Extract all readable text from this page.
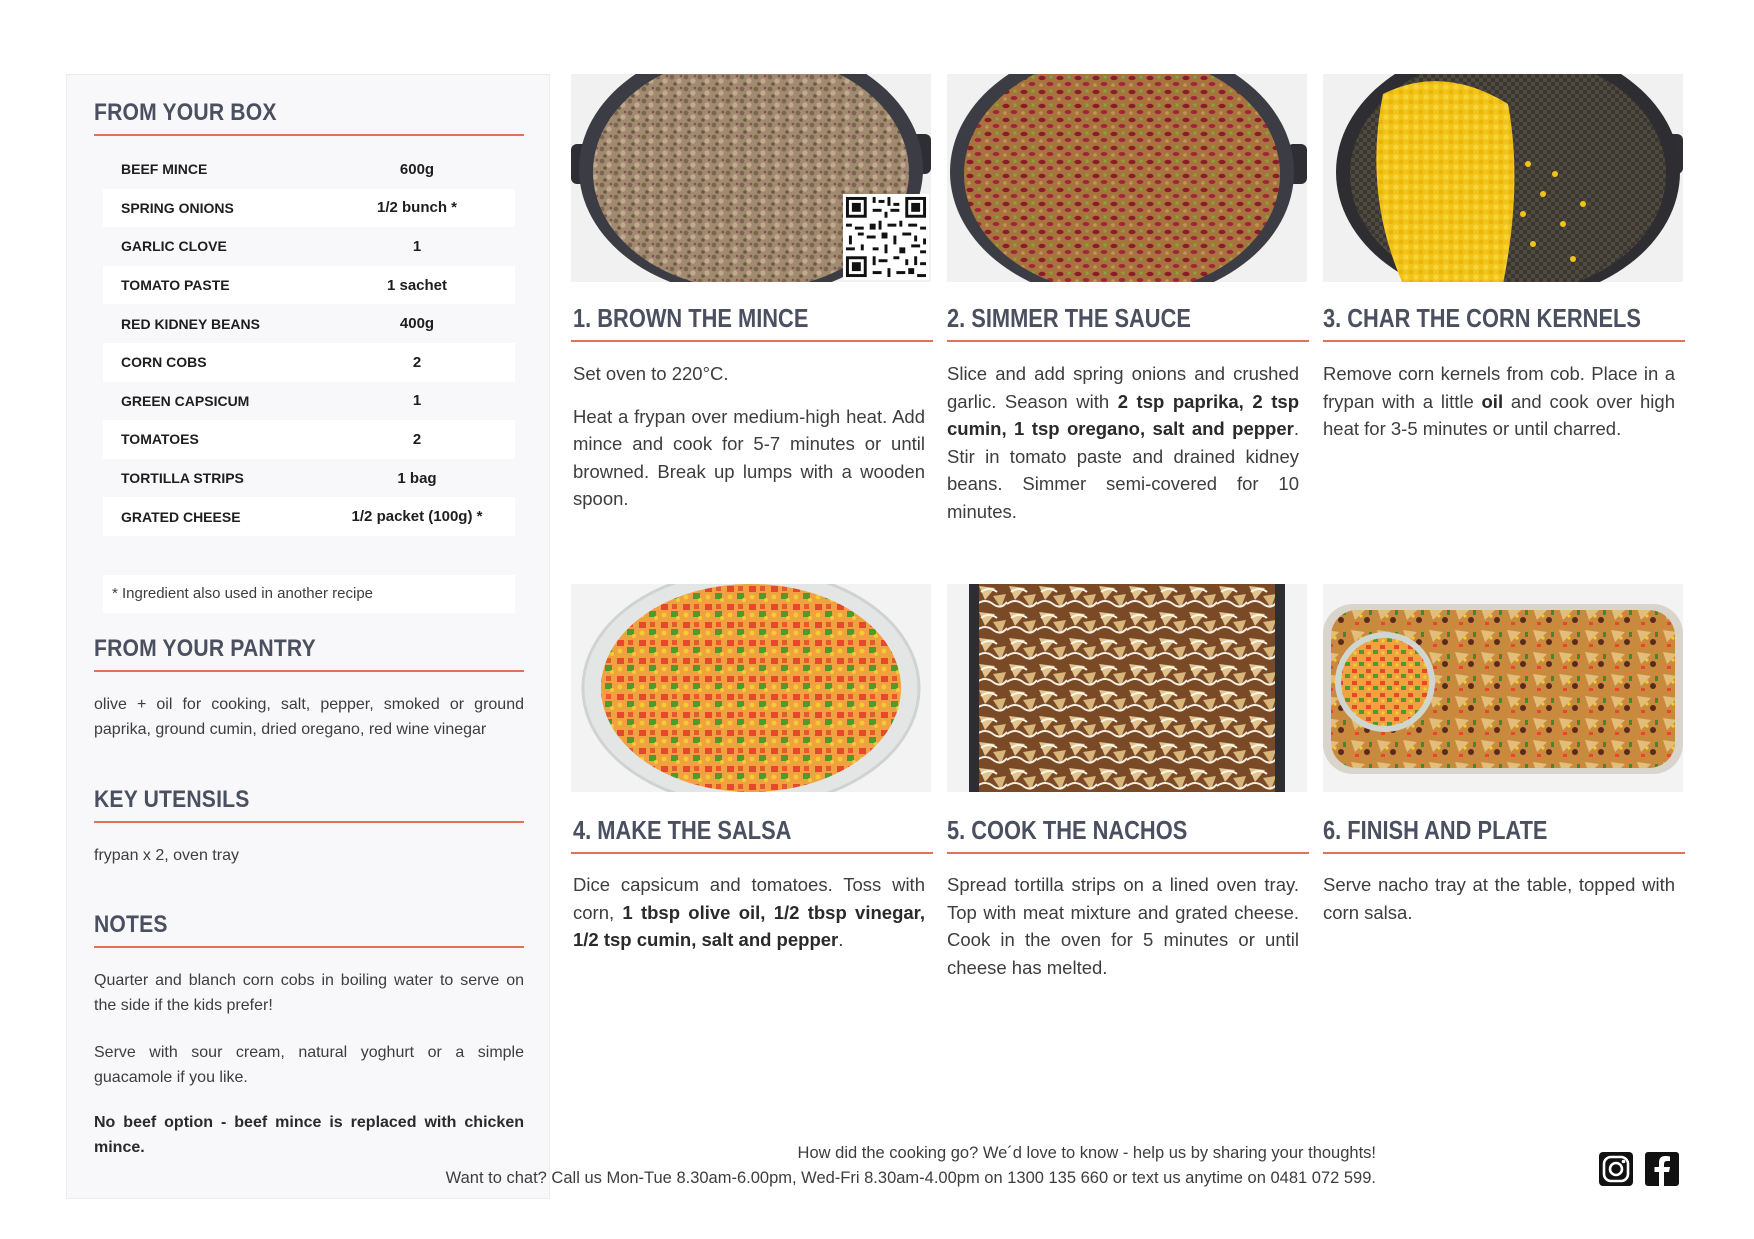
FROM YOUR BOX
BEEF MINCE	600g
SPRING ONIONS	1/2 bunch *
GARLIC CLOVE	1
TOMATO PASTE	1 sachet
RED KIDNEY BEANS	400g
CORN COBS	2
GREEN CAPSICUM	1
TOMATOES	2
TORTILLA STRIPS	1 bag
GRATED CHEESE	1/2 packet (100g) *
* Ingredient also used in another recipe
FROM YOUR PANTRY
olive + oil for cooking, salt, pepper, smoked or ground paprika, ground cumin, dried oregano, red wine vinegar
KEY UTENSILS
frypan x 2, oven tray
NOTES
Quarter and blanch corn cobs in boiling water to serve on the side if the kids prefer!
Serve with sour cream, natural yoghurt or a simple guacamole if you like.
No beef option - beef mince is replaced with chicken mince.
1. BROWN THE MINCE	2. SIMMER THE SAUCE	3. CHAR THE CORN KERNELS
4. MAKE THE SALSA	5. COOK THE NACHOS	6. FINISH AND PLATE

Set oven to 220°C.

Heat a frypan over medium-high heat. Add mince and cook for 5-7 minutes or until browned. Break up lumps with a wooden spoon.

Slice and add spring onions and crushed garlic. Season with 2 tsp paprika, 2 tsp cumin, 1 tsp oregano, salt and pepper. Stir in tomato paste and drained kidney beans. Simmer semi-covered for 10 minutes.

Remove corn kernels from cob. Place in a frypan with a little oil and cook over high heat for 3-5 minutes or until charred.

Dice capsicum and tomatoes. Toss with corn, 1 tbsp olive oil, 1/2 tbsp vinegar, 1/2 tsp cumin, salt and pepper.

Spread tortilla strips on a lined oven tray. Top with meat mixture and grated cheese. Cook in the oven for 5 minutes or until cheese has melted.

Serve nacho tray at the table, topped with corn salsa.

How did the cooking go? We´d love to know - help us by sharing your thoughts!
Want to chat? Call us Mon-Tue 8.30am-6.00pm, Wed-Fri 8.30am-4.00pm on 1300 135 660 or text us anytime on 0481 072 599.
